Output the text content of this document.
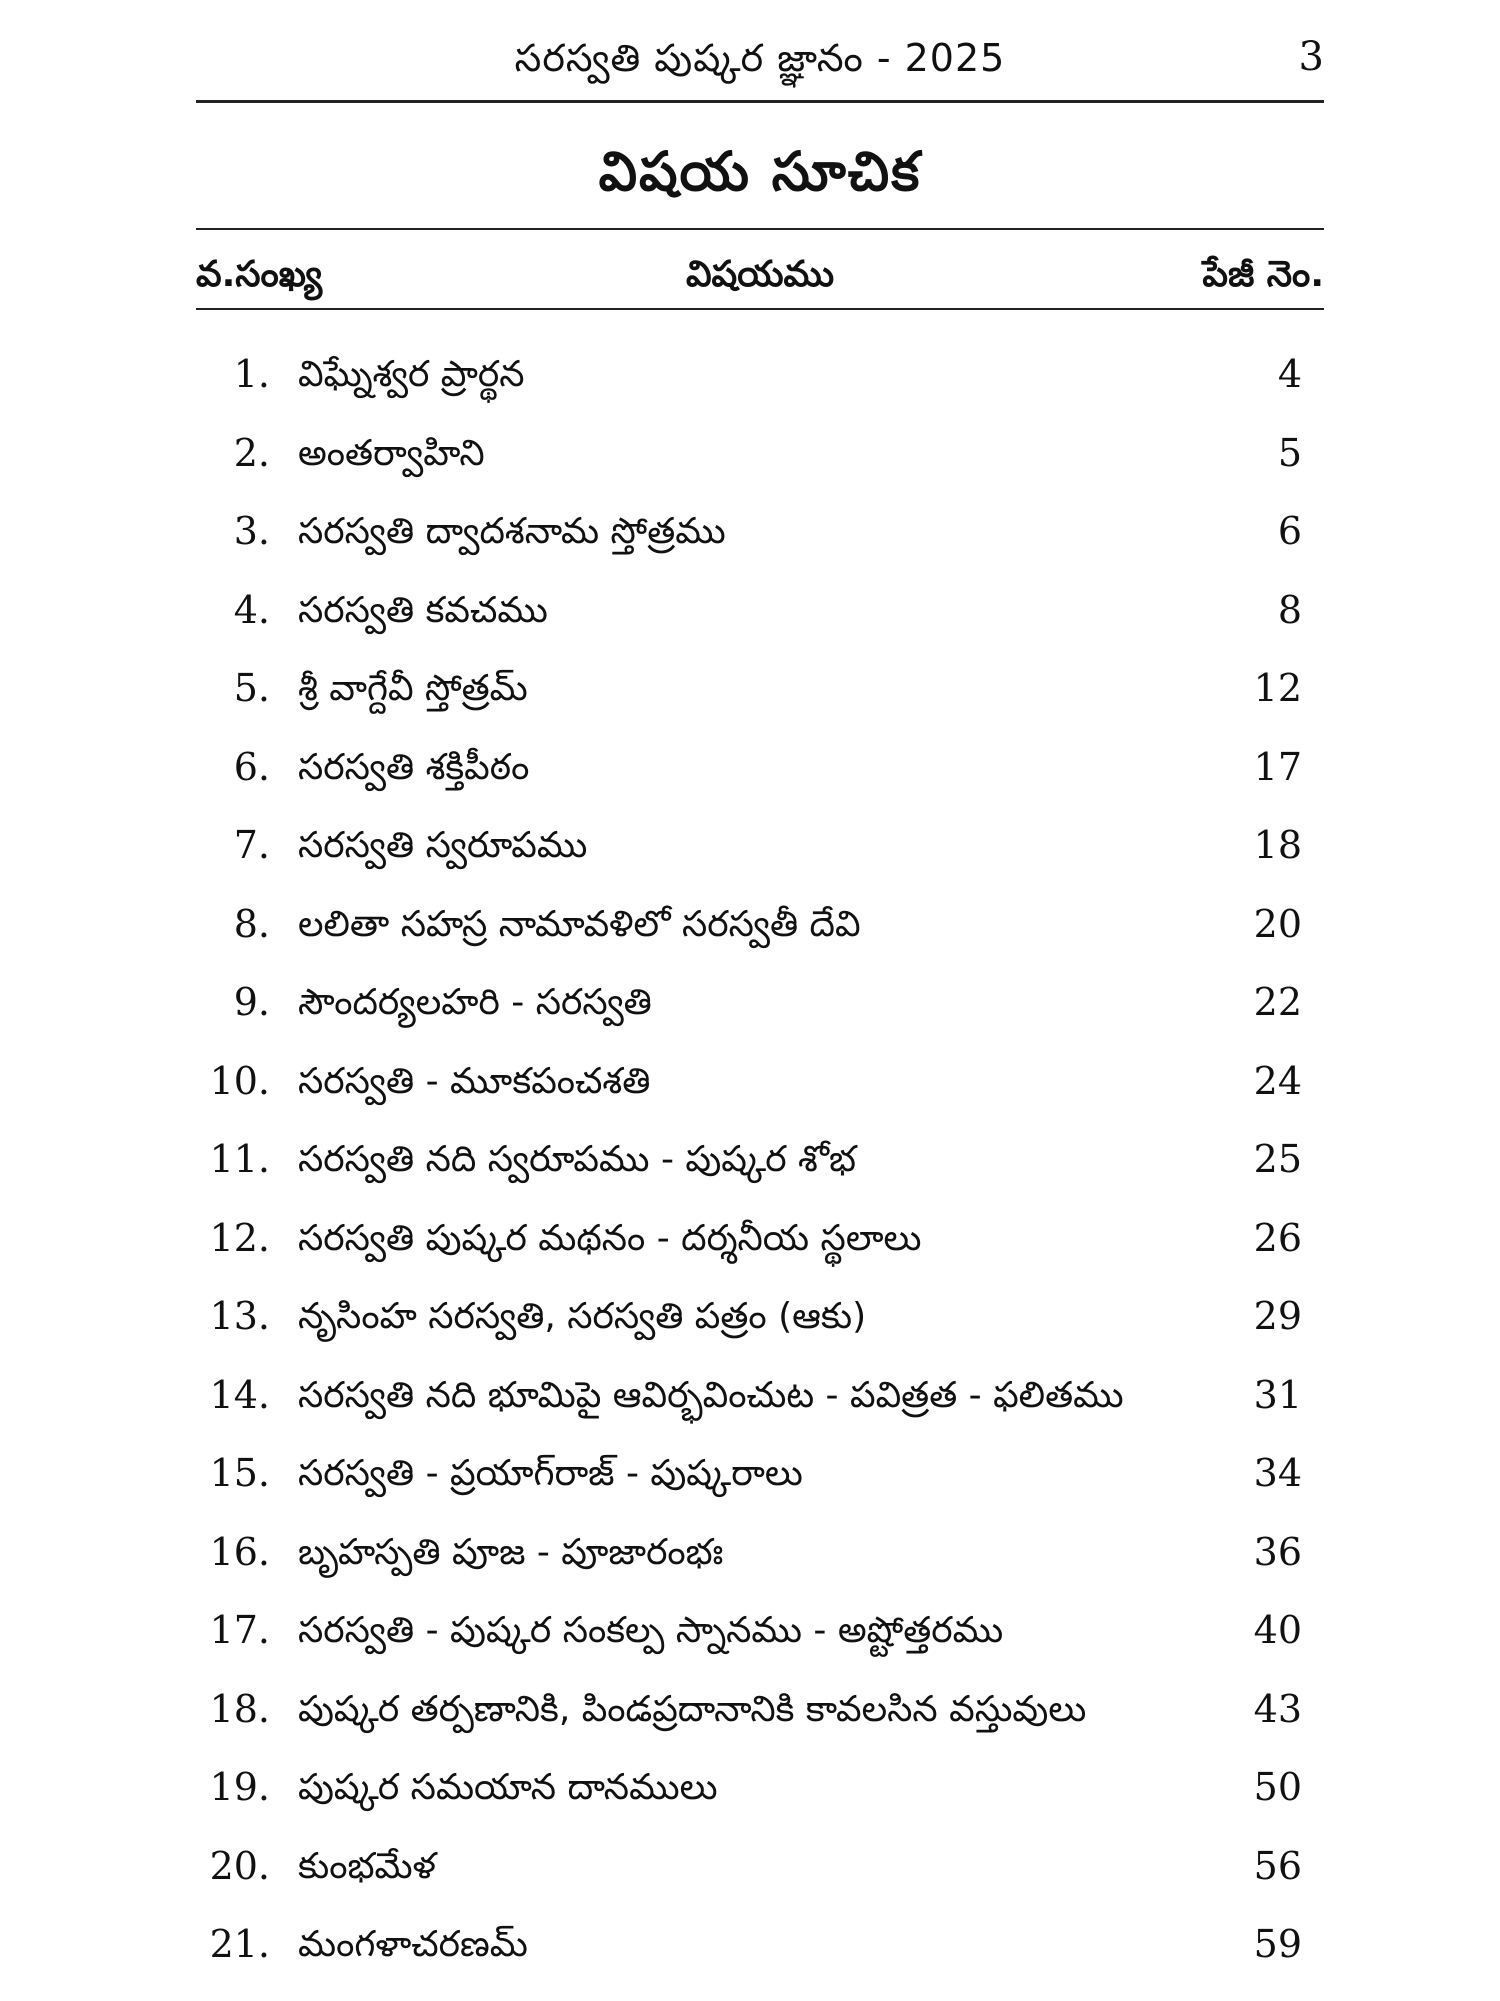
సరస్వతి పుష్కర జ్ఞానం - 2025	3
విషయ సూచిక
వ.సంఖ్య	విషయము	పేజీ నెం.
1. విఘ్నేశ్వర ప్రార్థన	4
2. అంతర్వాహిని	5
3. సరస్వతి ద్వాదశనామ స్తోత్రము	6
4. సరస్వతి కవచము	8
5. శ్రీ వాగ్దేవీ స్తోత్రమ్	12
6. సరస్వతి శక్తిపీఠం	17
7. సరస్వతి స్వరూపము	18
8. లలితా సహస్ర నామావళిలో సరస్వతీ దేవి	20
9. సౌందర్యలహరి - సరస్వతి	22
10. సరస్వతి - మూకపంచశతి	24
11. సరస్వతి నది స్వరూపము - పుష్కర శోభ	25
12. సరస్వతి పుష్కర మథనం - దర్శనీయ స్థలాలు	26
13. నృసింహ సరస్వతి, సరస్వతి పత్రం (ఆకు)	29
14. సరస్వతి నది భూమిపై ఆవిర్భవించుట - పవిత్రత - ఫలితము	31
15. సరస్వతి - ప్రయాగ్‌రాజ్ - పుష్కరాలు	34
16. బృహస్పతి పూజ - పూజారంభః	36
17. సరస్వతి - పుష్కర సంకల్ప స్నానము - అష్టోత్తరము	40
18. పుష్కర తర్పణానికి, పిండప్రదానానికి కావలసిన వస్తువులు	43
19. పుష్కర సమయాన దానములు	50
20. కుంభమేళ	56
21. మంగళాచరణమ్	59
